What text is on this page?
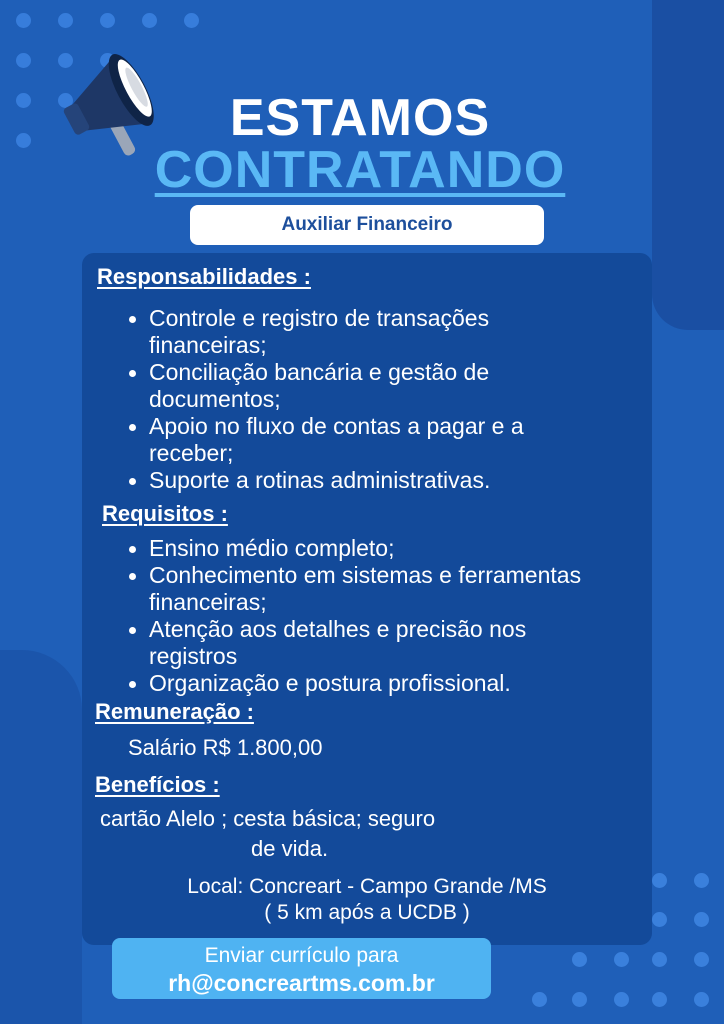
ESTAMOS
CONTRATANDO
Auxiliar Financeiro
Responsabilidades :
Controle e registro de transações financeiras;
Conciliação bancária e gestão de documentos;
Apoio no fluxo de contas a pagar e a receber;
Suporte a rotinas administrativas.
Requisitos :
Ensino médio completo;
Conhecimento em sistemas e ferramentas financeiras;
Atenção aos detalhes e precisão nos registros
Organização e postura profissional.
Remuneração :
Salário R$ 1.800,00
Benefícios :
cartão Alelo ; cesta básica; seguro
de vida.
Local: Concreart - Campo Grande /MS
( 5 km após a UCDB )
Enviar currículo para
rh@concreartms.com.br
